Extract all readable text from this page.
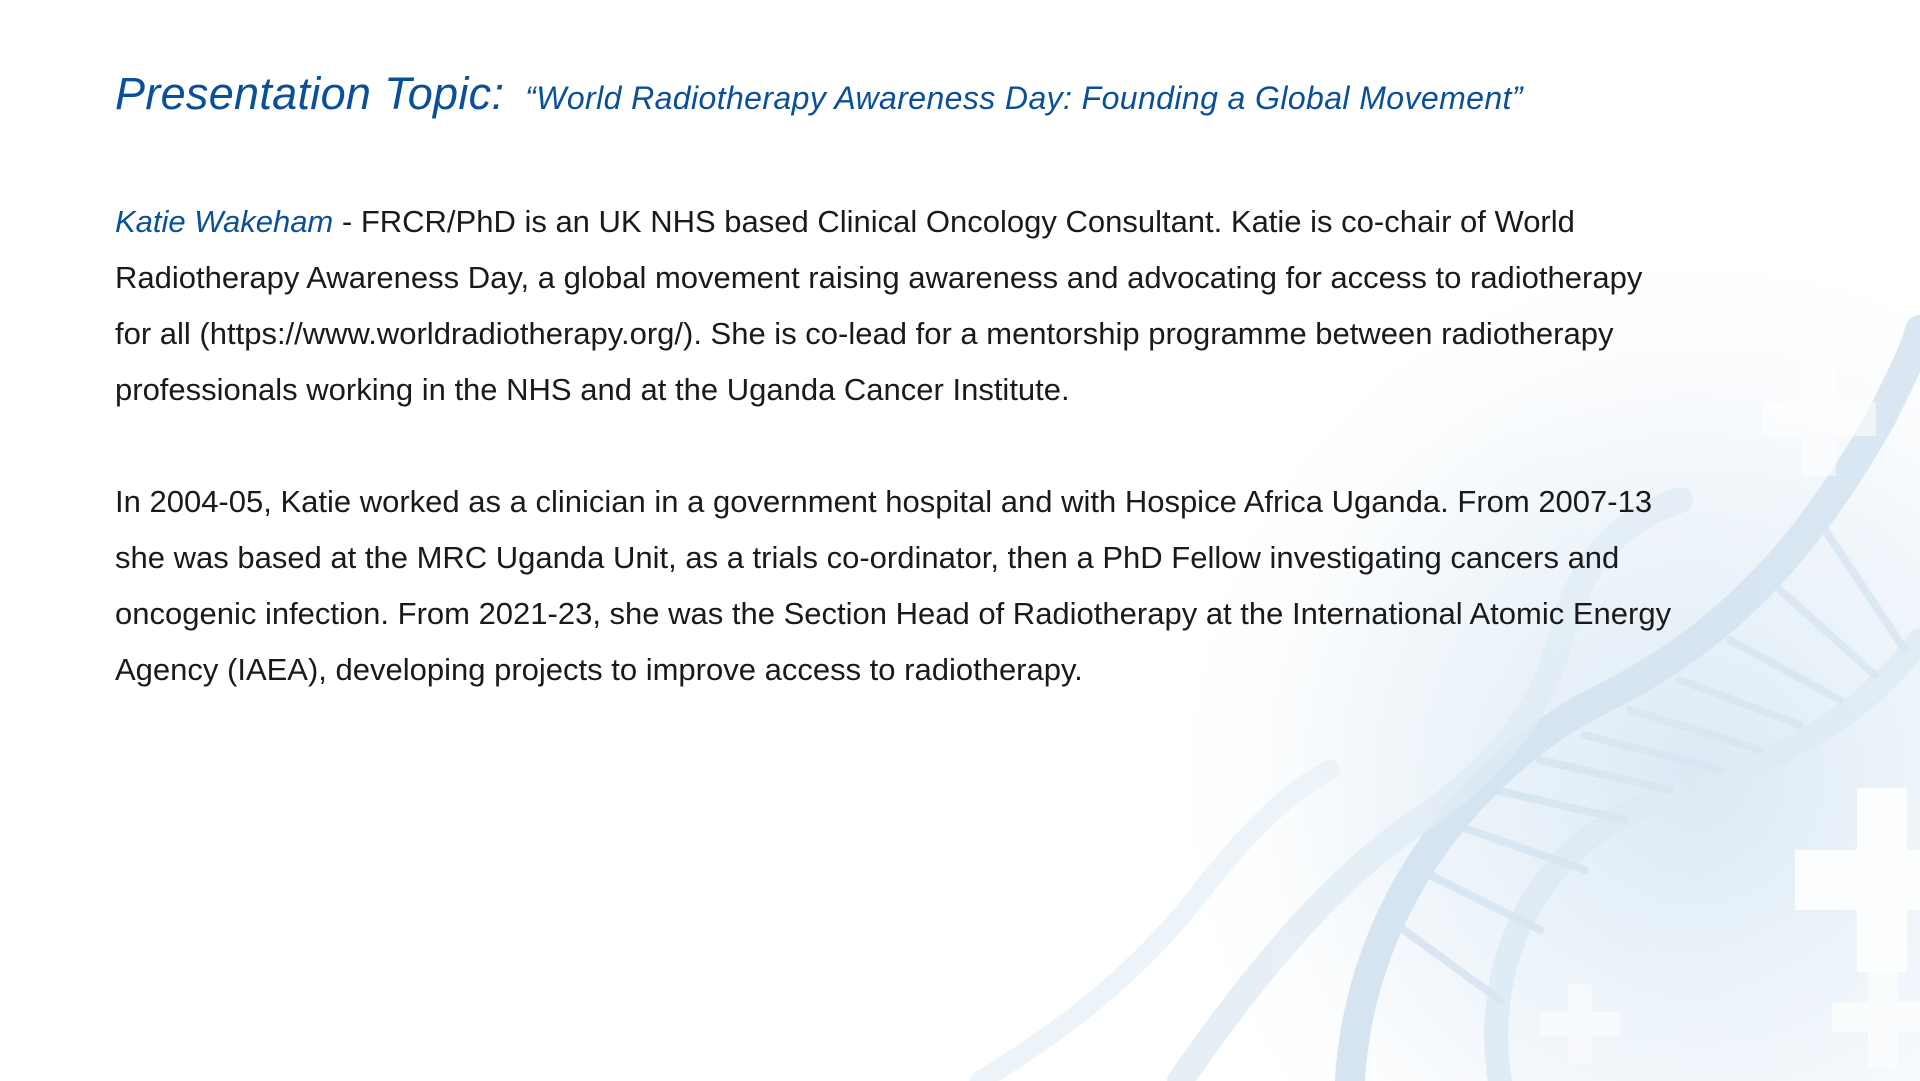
Presentation Topic: “World Radiotherapy Awareness Day: Founding a Global Movement”

Katie Wakeham - FRCR/PhD is an UK NHS based Clinical Oncology Consultant. Katie is co-chair of World
Radiotherapy Awareness Day, a global movement raising awareness and advocating for access to radiotherapy
for all (https://www.worldradiotherapy.org/). She is co-lead for a mentorship programme between radiotherapy
professionals working in the NHS and at the Uganda Cancer Institute.

In 2004-05, Katie worked as a clinician in a government hospital and with Hospice Africa Uganda. From 2007-13
she was based at the MRC Uganda Unit, as a trials co-ordinator, then a PhD Fellow investigating cancers and
oncogenic infection. From 2021-23, she was the Section Head of Radiotherapy at the International Atomic Energy
Agency (IAEA), developing projects to improve access to radiotherapy.
